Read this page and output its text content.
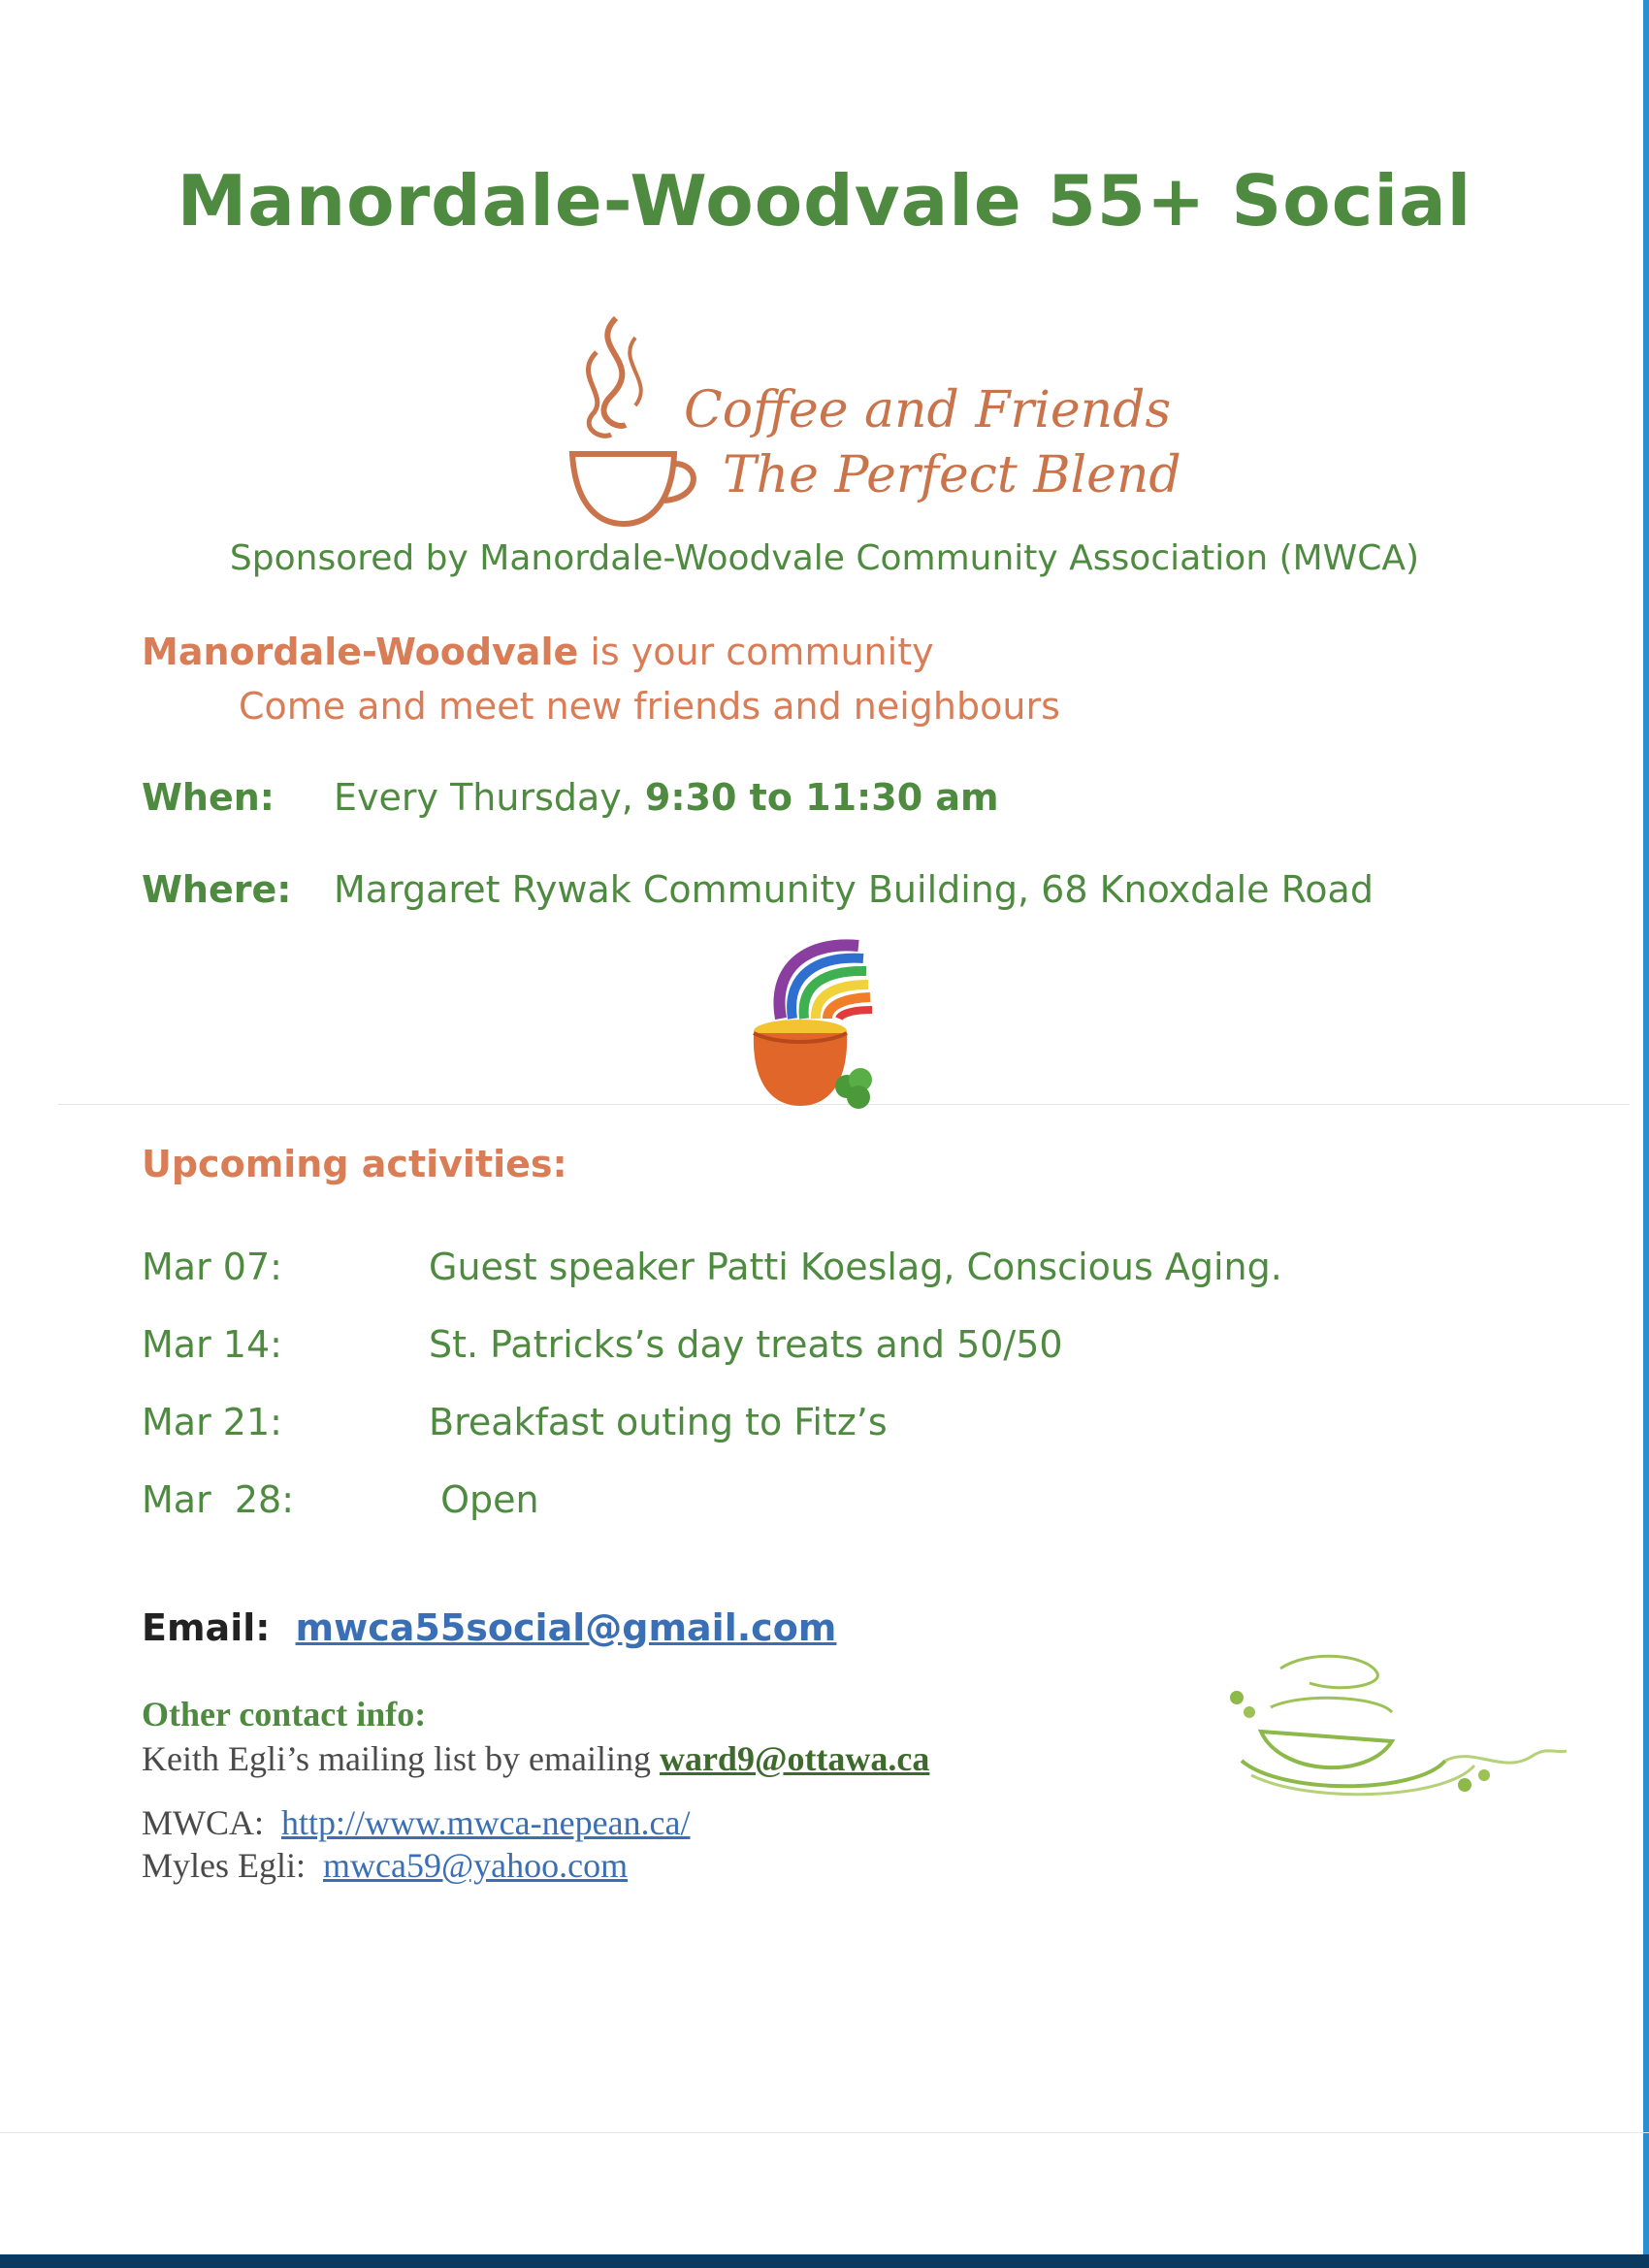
Manordale-Woodvale 55+ Social
Coffee and Friends
The Perfect Blend
Sponsored by Manordale-Woodvale Community Association (MWCA)
Manordale-Woodvale is your community
Come and meet new friends and neighbours
When: Every Thursday, 9:30 to 11:30 am
Where: Margaret Rywak Community Building, 68 Knoxdale Road
Upcoming activities:
Mar 07:	Guest speaker Patti Koeslag, Conscious Aging.
Mar 14:	St. Patricks’s day treats and 50/50
Mar 21:	Breakfast outing to Fitz’s
Mar  28:	Open
Email: mwca55social@gmail.com
Other contact info:
Keith Egli’s mailing list by emailing ward9@ottawa.ca
MWCA:  http://www.mwca-nepean.ca/
Myles Egli:  mwca59@yahoo.com
